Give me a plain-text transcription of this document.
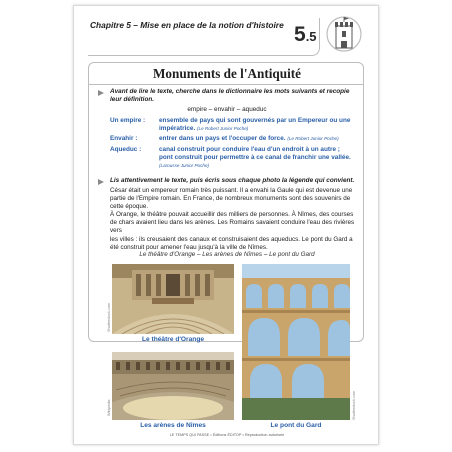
Chapitre 5 – Mise en place de la notion d'histoire 5.5
Monuments de l'Antiquité
Avant de lire le texte, cherche dans le dictionnaire les mots suivants et recopie
leur définition.
empire – envahir – aqueduc
Un empire : ensemble de pays qui sont gouvernés par un Empereur ou une
impératrice. (Le Robert Junior Poche)
Envahir :	entrer dans un pays et l'occuper de force. (Le Robert Junior Poche)
Aqueduc :	canal construit pour conduire l'eau d'un endroit à un autre ;
pont construit pour permettre à ce canal de franchir une vallée.
(Larousse Junior Poche)
Lis attentivement le texte, puis écris sous chaque photo la légende qui convient.
César était un empereur romain très puissant. Il a envahi la Gaule qui est devenue une
partie de l'Empire romain. En France, de nombreux monuments sont des souvenirs de
cette époque.
À Orange, le théâtre pouvait accueillir des milliers de personnes. À Nîmes, des courses
de chars avaient lieu dans les arènes. Les Romains savaient conduire l'eau des rivières vers
les villes : ils creusaient des canaux et construisaient des aqueducs. Le pont du Gard a
été construit pour amener l'eau jusqu'à la ville de Nîmes.
Le théâtre d'Orange – Les arènes de Nîmes – Le pont du Gard
Shutterstock.com
Le théâtre d'Orange
Wikipedia
Les arènes de Nîmes
Shutterstock.com
Le pont du Gard
LE TEMPS QUI PASSE • Éditions ÉDITOP • Reproduction autorisée
